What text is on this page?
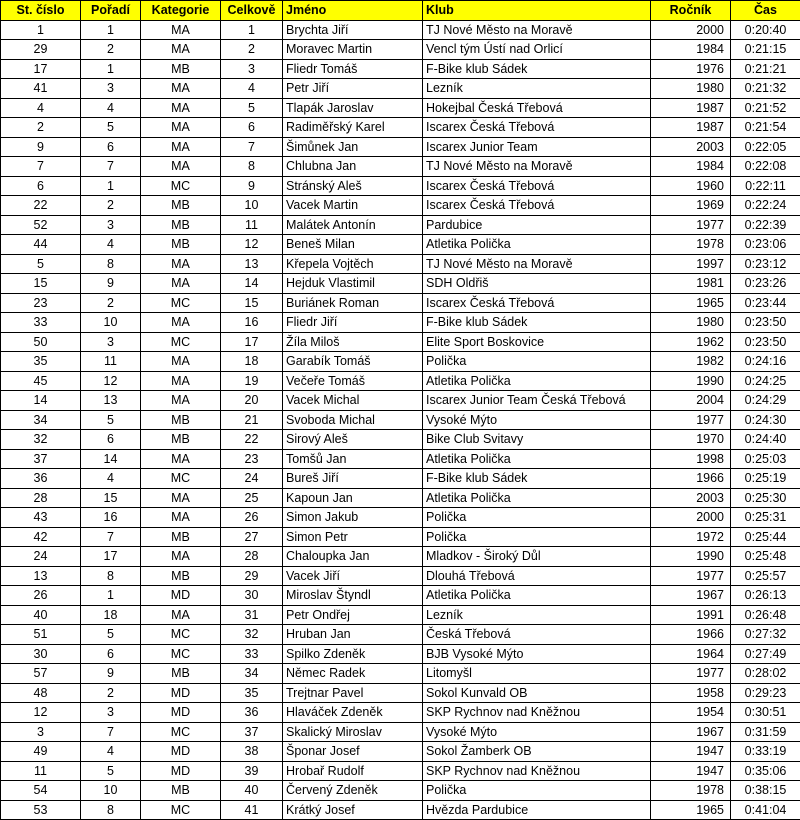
St. číslo	Pořadí	Kategorie	Celkově	Jméno	Klub	Ročník	Čas
1	1	MA	1	Brychta Jiří	TJ Nové Město na Moravě	2000	0:20:40
29	2	MA	2	Moravec Martin	Vencl tým Ústí nad Orlicí	1984	0:21:15
17	1	MB	3	Fliedr Tomáš	F-Bike klub Sádek	1976	0:21:21
41	3	MA	4	Petr Jiří	Lezník	1980	0:21:32
4	4	MA	5	Tlapák Jaroslav	Hokejbal Česká Třebová	1987	0:21:52
2	5	MA	6	Radiměřský Karel	Iscarex Česká Třebová	1987	0:21:54
9	6	MA	7	Šimůnek Jan	Iscarex Junior Team	2003	0:22:05
7	7	MA	8	Chlubna Jan	TJ Nové Město na Moravě	1984	0:22:08
6	1	MC	9	Stránský Aleš	Iscarex Česká Třebová	1960	0:22:11
22	2	MB	10	Vacek Martin	Iscarex Česká Třebová	1969	0:22:24
52	3	MB	11	Malátek Antonín	Pardubice	1977	0:22:39
44	4	MB	12	Beneš Milan	Atletika Polička	1978	0:23:06
5	8	MA	13	Křepela Vojtěch	TJ Nové Město na Moravě	1997	0:23:12
15	9	MA	14	Hejduk Vlastimil	SDH Oldřiš	1981	0:23:26
23	2	MC	15	Buriánek Roman	Iscarex Česká Třebová	1965	0:23:44
33	10	MA	16	Fliedr Jiří	F-Bike klub Sádek	1980	0:23:50
50	3	MC	17	Žíla Miloš	Elite Sport Boskovice	1962	0:23:50
35	11	MA	18	Garabík Tomáš	Polička	1982	0:24:16
45	12	MA	19	Večeře Tomáš	Atletika Polička	1990	0:24:25
14	13	MA	20	Vacek Michal	Iscarex Junior Team Česká Třebová	2004	0:24:29
34	5	MB	21	Svoboda Michal	Vysoké Mýto	1977	0:24:30
32	6	MB	22	Sirový Aleš	Bike Club Svitavy	1970	0:24:40
37	14	MA	23	Tomšů Jan	Atletika Polička	1998	0:25:03
36	4	MC	24	Bureš Jiří	F-Bike klub Sádek	1966	0:25:19
28	15	MA	25	Kapoun Jan	Atletika Polička	2003	0:25:30
43	16	MA	26	Simon Jakub	Polička	2000	0:25:31
42	7	MB	27	Simon Petr	Polička	1972	0:25:44
24	17	MA	28	Chaloupka Jan	Mladkov - Široký Důl	1990	0:25:48
13	8	MB	29	Vacek Jiří	Dlouhá Třebová	1977	0:25:57
26	1	MD	30	Miroslav Štyndl	Atletika Polička	1967	0:26:13
40	18	MA	31	Petr Ondřej	Lezník	1991	0:26:48
51	5	MC	32	Hruban Jan	Česká Třebová	1966	0:27:32
30	6	MC	33	Spilko Zdeněk	BJB Vysoké Mýto	1964	0:27:49
57	9	MB	34	Němec Radek	Litomyšl	1977	0:28:02
48	2	MD	35	Trejtnar Pavel	Sokol Kunvald OB	1958	0:29:23
12	3	MD	36	Hlaváček Zdeněk	SKP Rychnov nad Kněžnou	1954	0:30:51
3	7	MC	37	Skalický Miroslav	Vysoké Mýto	1967	0:31:59
49	4	MD	38	Šponar Josef	Sokol Žamberk OB	1947	0:33:19
11	5	MD	39	Hrobař Rudolf	SKP Rychnov nad Kněžnou	1947	0:35:06
54	10	MB	40	Červený Zdeněk	Polička	1978	0:38:15
53	8	MC	41	Krátký Josef	Hvězda Pardubice	1965	0:41:04
